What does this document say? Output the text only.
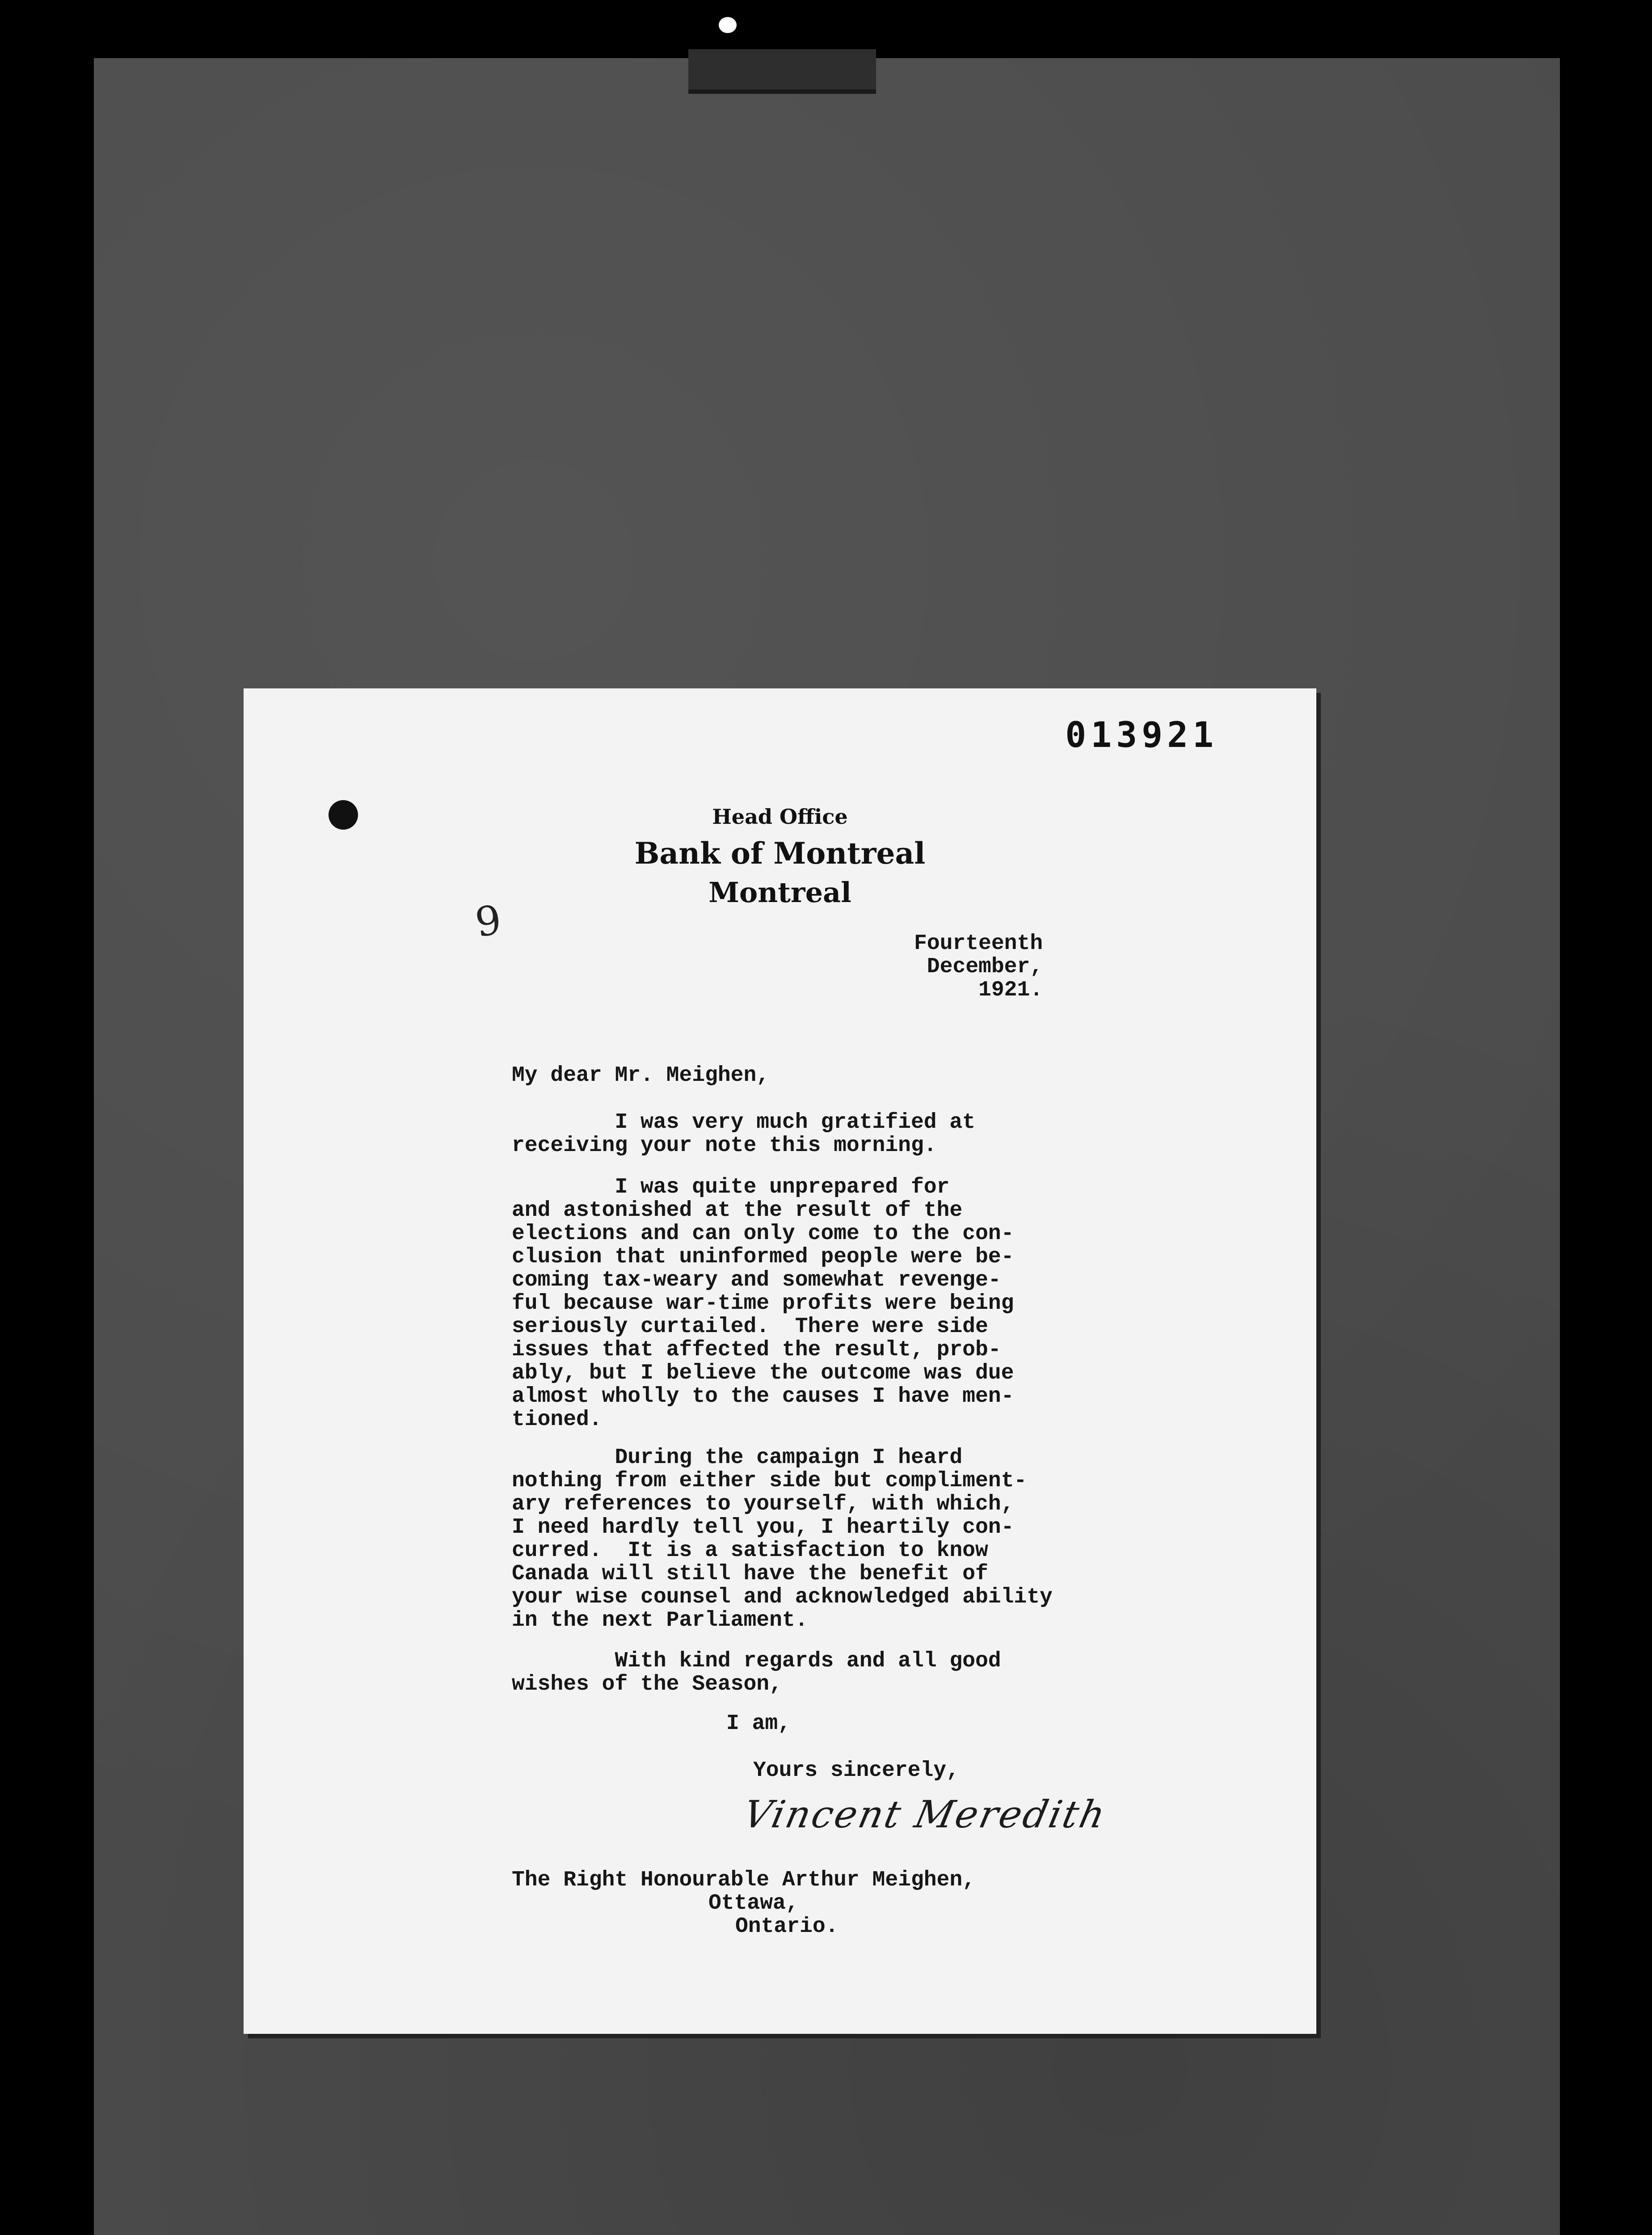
013921
Head Office
Bank of Montreal
Montreal
9	Fourteenth
December,
1921.
My dear Mr. Meighen,
I was very much gratified at
receiving your note this morning.
I was quite unprepared for
and astonished at the result of the
elections and can only come to the con-
clusion that uninformed people were be-
coming tax-weary and somewhat revenge-
ful because war-time profits were being
seriously curtailed.  There were side
issues that affected the result, prob-
ably, but I believe the outcome was due
almost wholly to the causes I have men-
tioned.
During the campaign I heard
nothing from either side but compliment-
ary references to yourself, with which,
I need hardly tell you, I heartily con-
curred.  It is a satisfaction to know
Canada will still have the benefit of
your wise counsel and acknowledged ability
in the next Parliament.
With kind regards and all good
wishes of the Season,
I am,
Yours sincerely,
Vincent Meredith
The Right Honourable Arthur Meighen,
Ottawa,
Ontario.
